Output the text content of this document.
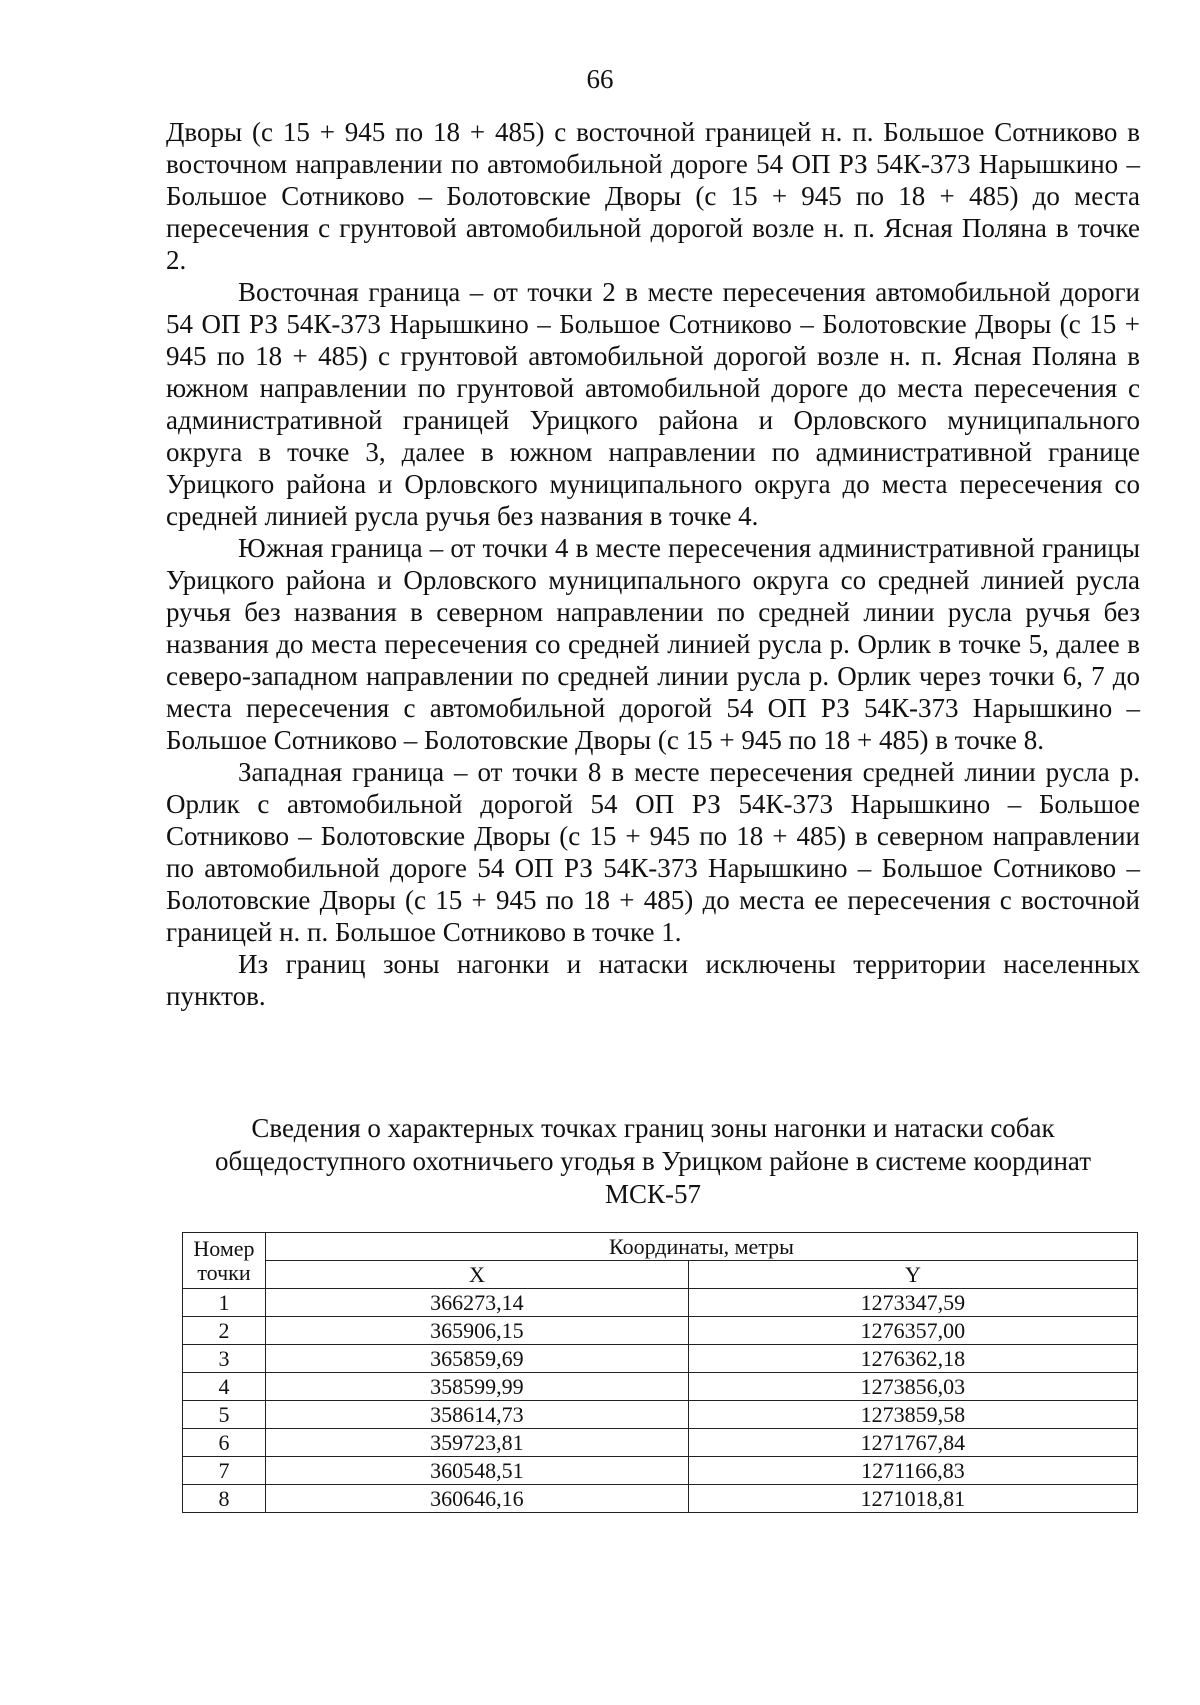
66

Дворы (с 15 + 945 по 18 + 485) с восточной границей н. п. Большое Сотниково в восточном направлении по автомобильной дороге 54 ОП РЗ 54К-373 Нарышкино – Большое Сотниково – Болотовские Дворы (с 15 + 945 по 18 + 485) до места пересечения с грунтовой автомобильной дорогой возле н. п. Ясная Поляна в точке 2.

Восточная граница – от точки 2 в месте пересечения автомобильной дороги 54 ОП РЗ 54К-373 Нарышкино – Большое Сотниково – Болотовские Дворы (с 15 + 945 по 18 + 485) с грунтовой автомобильной дорогой возле н. п. Ясная Поляна в южном направлении по грунтовой автомобильной дороге до места пересечения с административной границей Урицкого района и Орловского муниципального округа в точке 3, далее в южном направлении по административной границе Урицкого района и Орловского муниципального округа до места пересечения со средней линией русла ручья без названия в точке 4.

Южная граница – от точки 4 в месте пересечения административной границы Урицкого района и Орловского муниципального округа со средней линией русла ручья без названия в северном направлении по средней линии русла ручья без названия до места пересечения со средней линией русла р. Орлик в точке 5, далее в северо-западном направлении по средней линии русла р. Орлик через точки 6, 7 до места пересечения с автомобильной дорогой 54 ОП РЗ 54К-373 Нарышкино – Большое Сотниково – Болотовские Дворы (с 15 + 945 по 18 + 485) в точке 8.

Западная граница – от точки 8 в месте пересечения средней линии русла р. Орлик с автомобильной дорогой 54 ОП РЗ 54К-373 Нарышкино – Большое Сотниково – Болотовские Дворы (с 15 + 945 по 18 + 485) в северном направлении по автомобильной дороге 54 ОП РЗ 54К-373 Нарышкино – Большое Сотниково – Болотовские Дворы (с 15 + 945 по 18 + 485) до места ее пересечения с восточной границей н. п. Большое Сотниково в точке 1.

Из границ зоны нагонки и натаски исключены территории населенных пунктов.

Сведения о характерных точках границ зоны нагонки и натаски собак
общедоступного охотничьего угодья в Урицком районе в системе координат
МСК-57
Номер точки	Координаты, метры	
	X	Y
1	366273,14	1273347,59
2	365906,15	1276357,00
3	365859,69	1276362,18
4	358599,99	1273856,03
5	358614,73	1273859,58
6	359723,81	1271767,84
7	360548,51	1271166,83
8	360646,16	1271018,81
